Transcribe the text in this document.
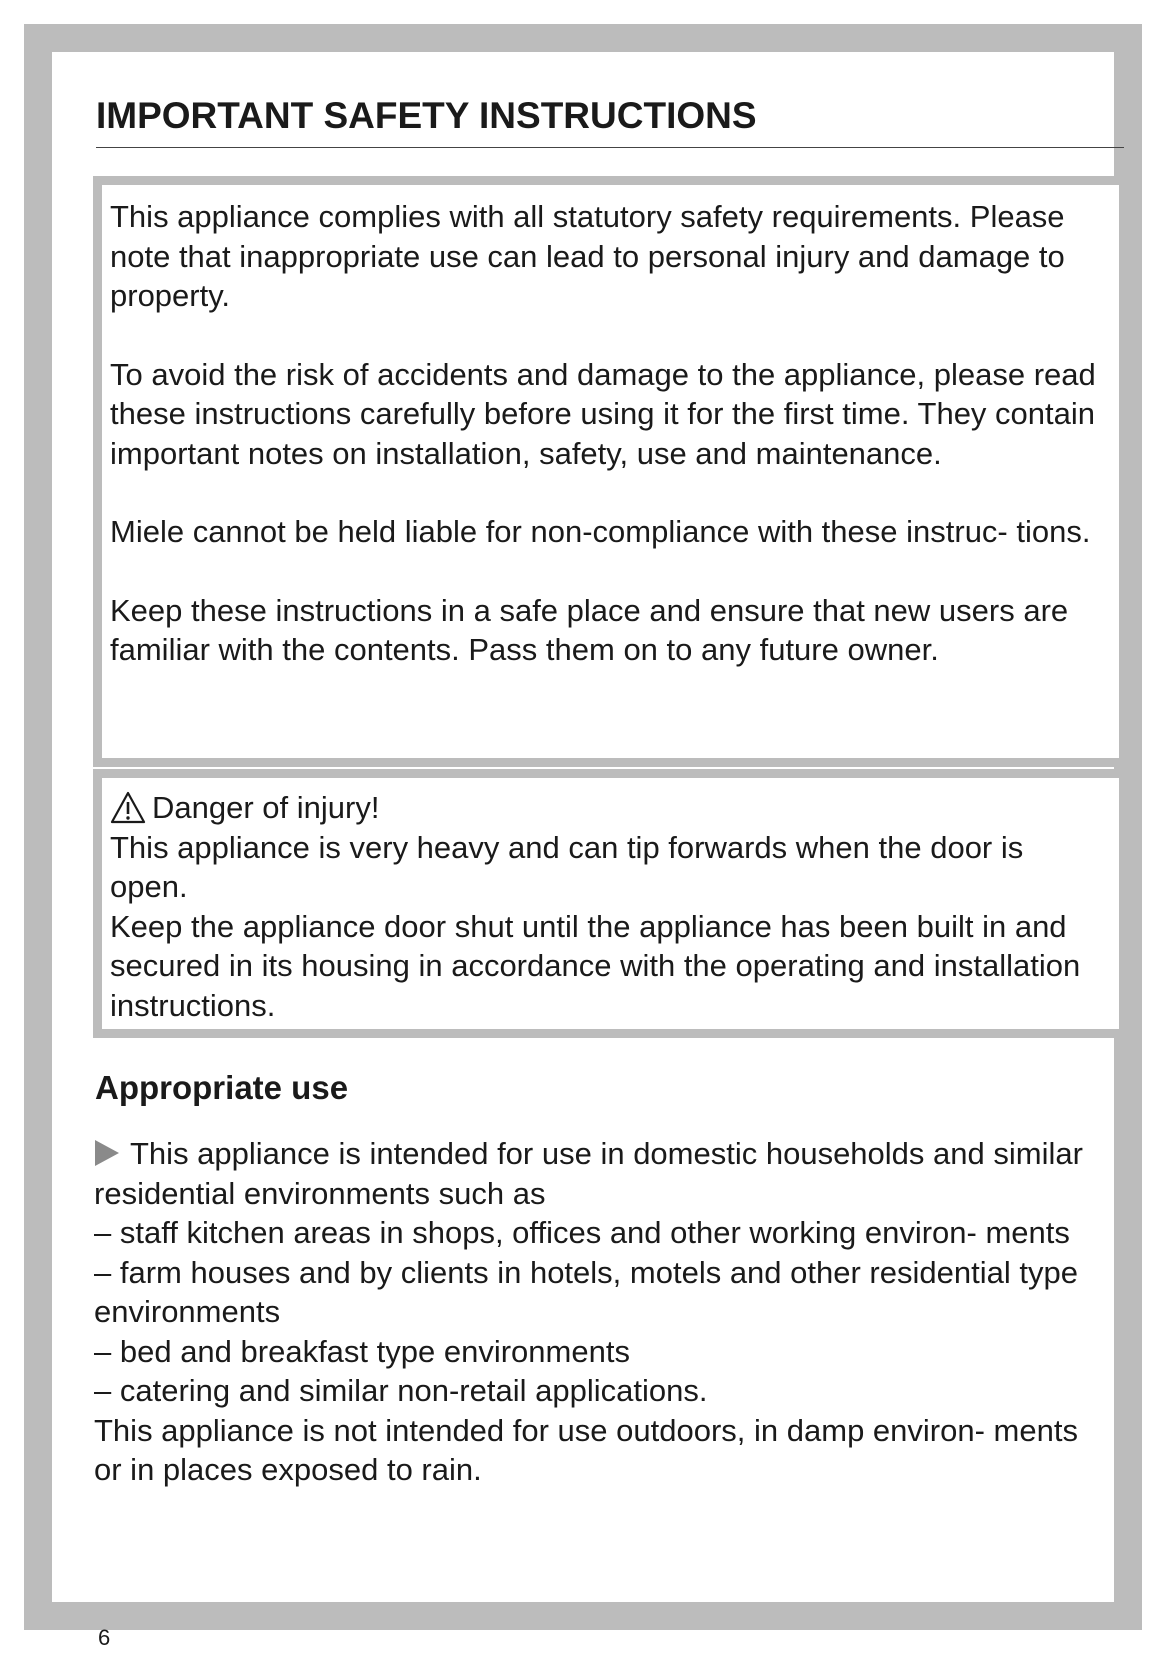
IMPORTANT SAFETY INSTRUCTIONS

This appliance complies with all statutory safety requirements. Please note that inappropriate use can lead to personal injury and damage to property.

To avoid the risk of accidents and damage to the appliance, please read these instructions carefully before using it for the first time. They contain important notes on installation, safety, use and maintenance.

Miele cannot be held liable for non-compliance with these instruc- tions.

Keep these instructions in a safe place and ensure that new users are familiar with the contents. Pass them on to any future owner.

Danger of injury!

This appliance is very heavy and can tip forwards when the door is open.

Keep the appliance door shut until the appliance has been built in and secured in its housing in accordance with the operating and installation instructions.

Appropriate use

This appliance is intended for use in domestic households and similar residential environments such as

– staff kitchen areas in shops, offices and other working environ- ments

– farm houses and by clients in hotels, motels and other residential type environments

– bed and breakfast type environments

– catering and similar non-retail applications.

This appliance is not intended for use outdoors, in damp environ- ments or in places exposed to rain.

6
